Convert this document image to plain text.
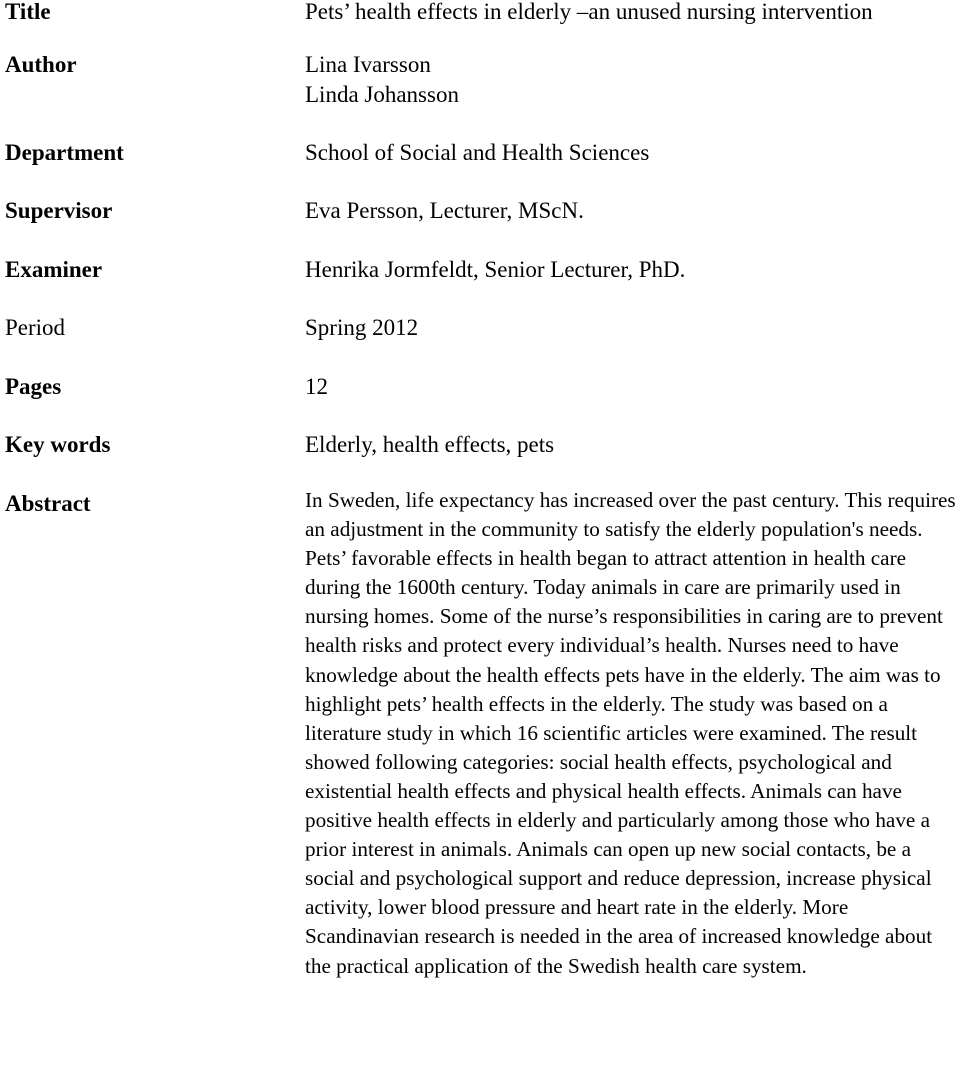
Title	Pets’ health effects in elderly –an unused nursing intervention
Author	Lina Ivarsson
Linda Johansson
Department	School of Social and Health Sciences
Supervisor	Eva Persson, Lecturer, MScN.
Examiner	Henrika Jormfeldt, Senior Lecturer, PhD.
Period	Spring 2012
Pages	12
Key words	Elderly, health effects, pets
Abstract	In Sweden, life expectancy has increased over the past century. This requires an adjustment in the community to satisfy the elderly population's needs. Pets’ favorable effects in health began to attract attention in health care during the 1600th century. Today animals in care are primarily used in nursing homes. Some of the nurse’s responsibilities in caring are to prevent health risks and protect every individual’s health. Nurses need to have knowledge about the health effects pets have in the elderly. The aim was to highlight pets’ health effects in the elderly. The study was based on a literature study in which 16 scientific articles were examined. The result showed following categories: social health effects, psychological and existential health effects and physical health effects. Animals can have positive health effects in elderly and particularly among those who have a prior interest in animals. Animals can open up new social contacts, be a social and psychological support and reduce depression, increase physical activity, lower blood pressure and heart rate in the elderly. More Scandinavian research is needed in the area of increased knowledge about the practical application of the Swedish health care system.
